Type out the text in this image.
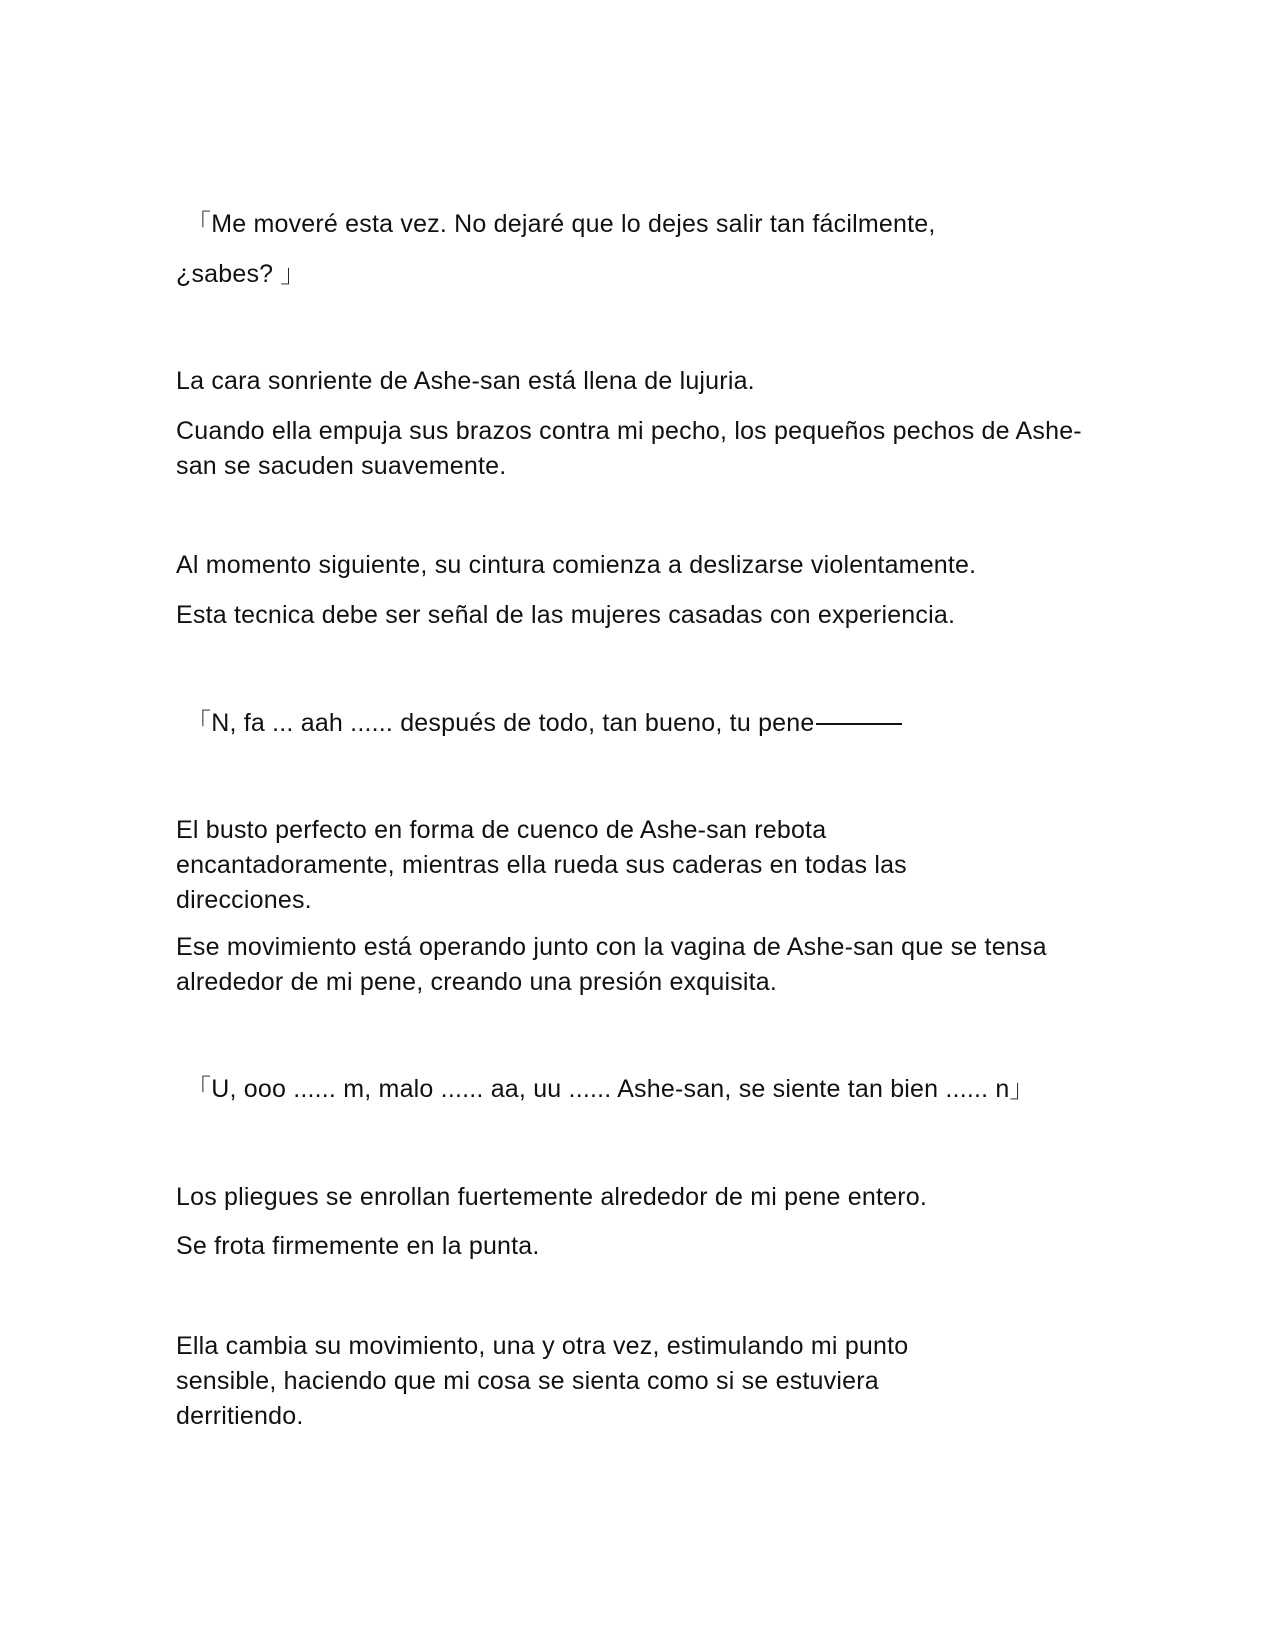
「Me moveré esta vez. No dejaré que lo dejes salir tan fácilmente,

¿sabes? 」

La cara sonriente de Ashe-san está llena de lujuria.

Cuando ella empuja sus brazos contra mi pecho, los pequeños pechos de Ashe-san se sacuden suavemente.

Al momento siguiente, su cintura comienza a deslizarse violentamente.

Esta tecnica debe ser señal de las mujeres casadas con experiencia.

「N, fa ... aah ...... después de todo, tan bueno, tu pene

El busto perfecto en forma de cuenco de Ashe-san rebota encantadoramente, mientras ella rueda sus caderas en todas las direcciones.

Ese movimiento está operando junto con la vagina de Ashe-san que se tensa alrededor de mi pene, creando una presión exquisita.

「U, ooo ...... m, malo ...... aa, uu ...... Ashe-san, se siente tan bien ...... n」

Los pliegues se enrollan fuertemente alrededor de mi pene entero.

Se frota firmemente en la punta.

Ella cambia su movimiento, una y otra vez, estimulando mi punto sensible, haciendo que mi cosa se sienta como si se estuviera derritiendo.
